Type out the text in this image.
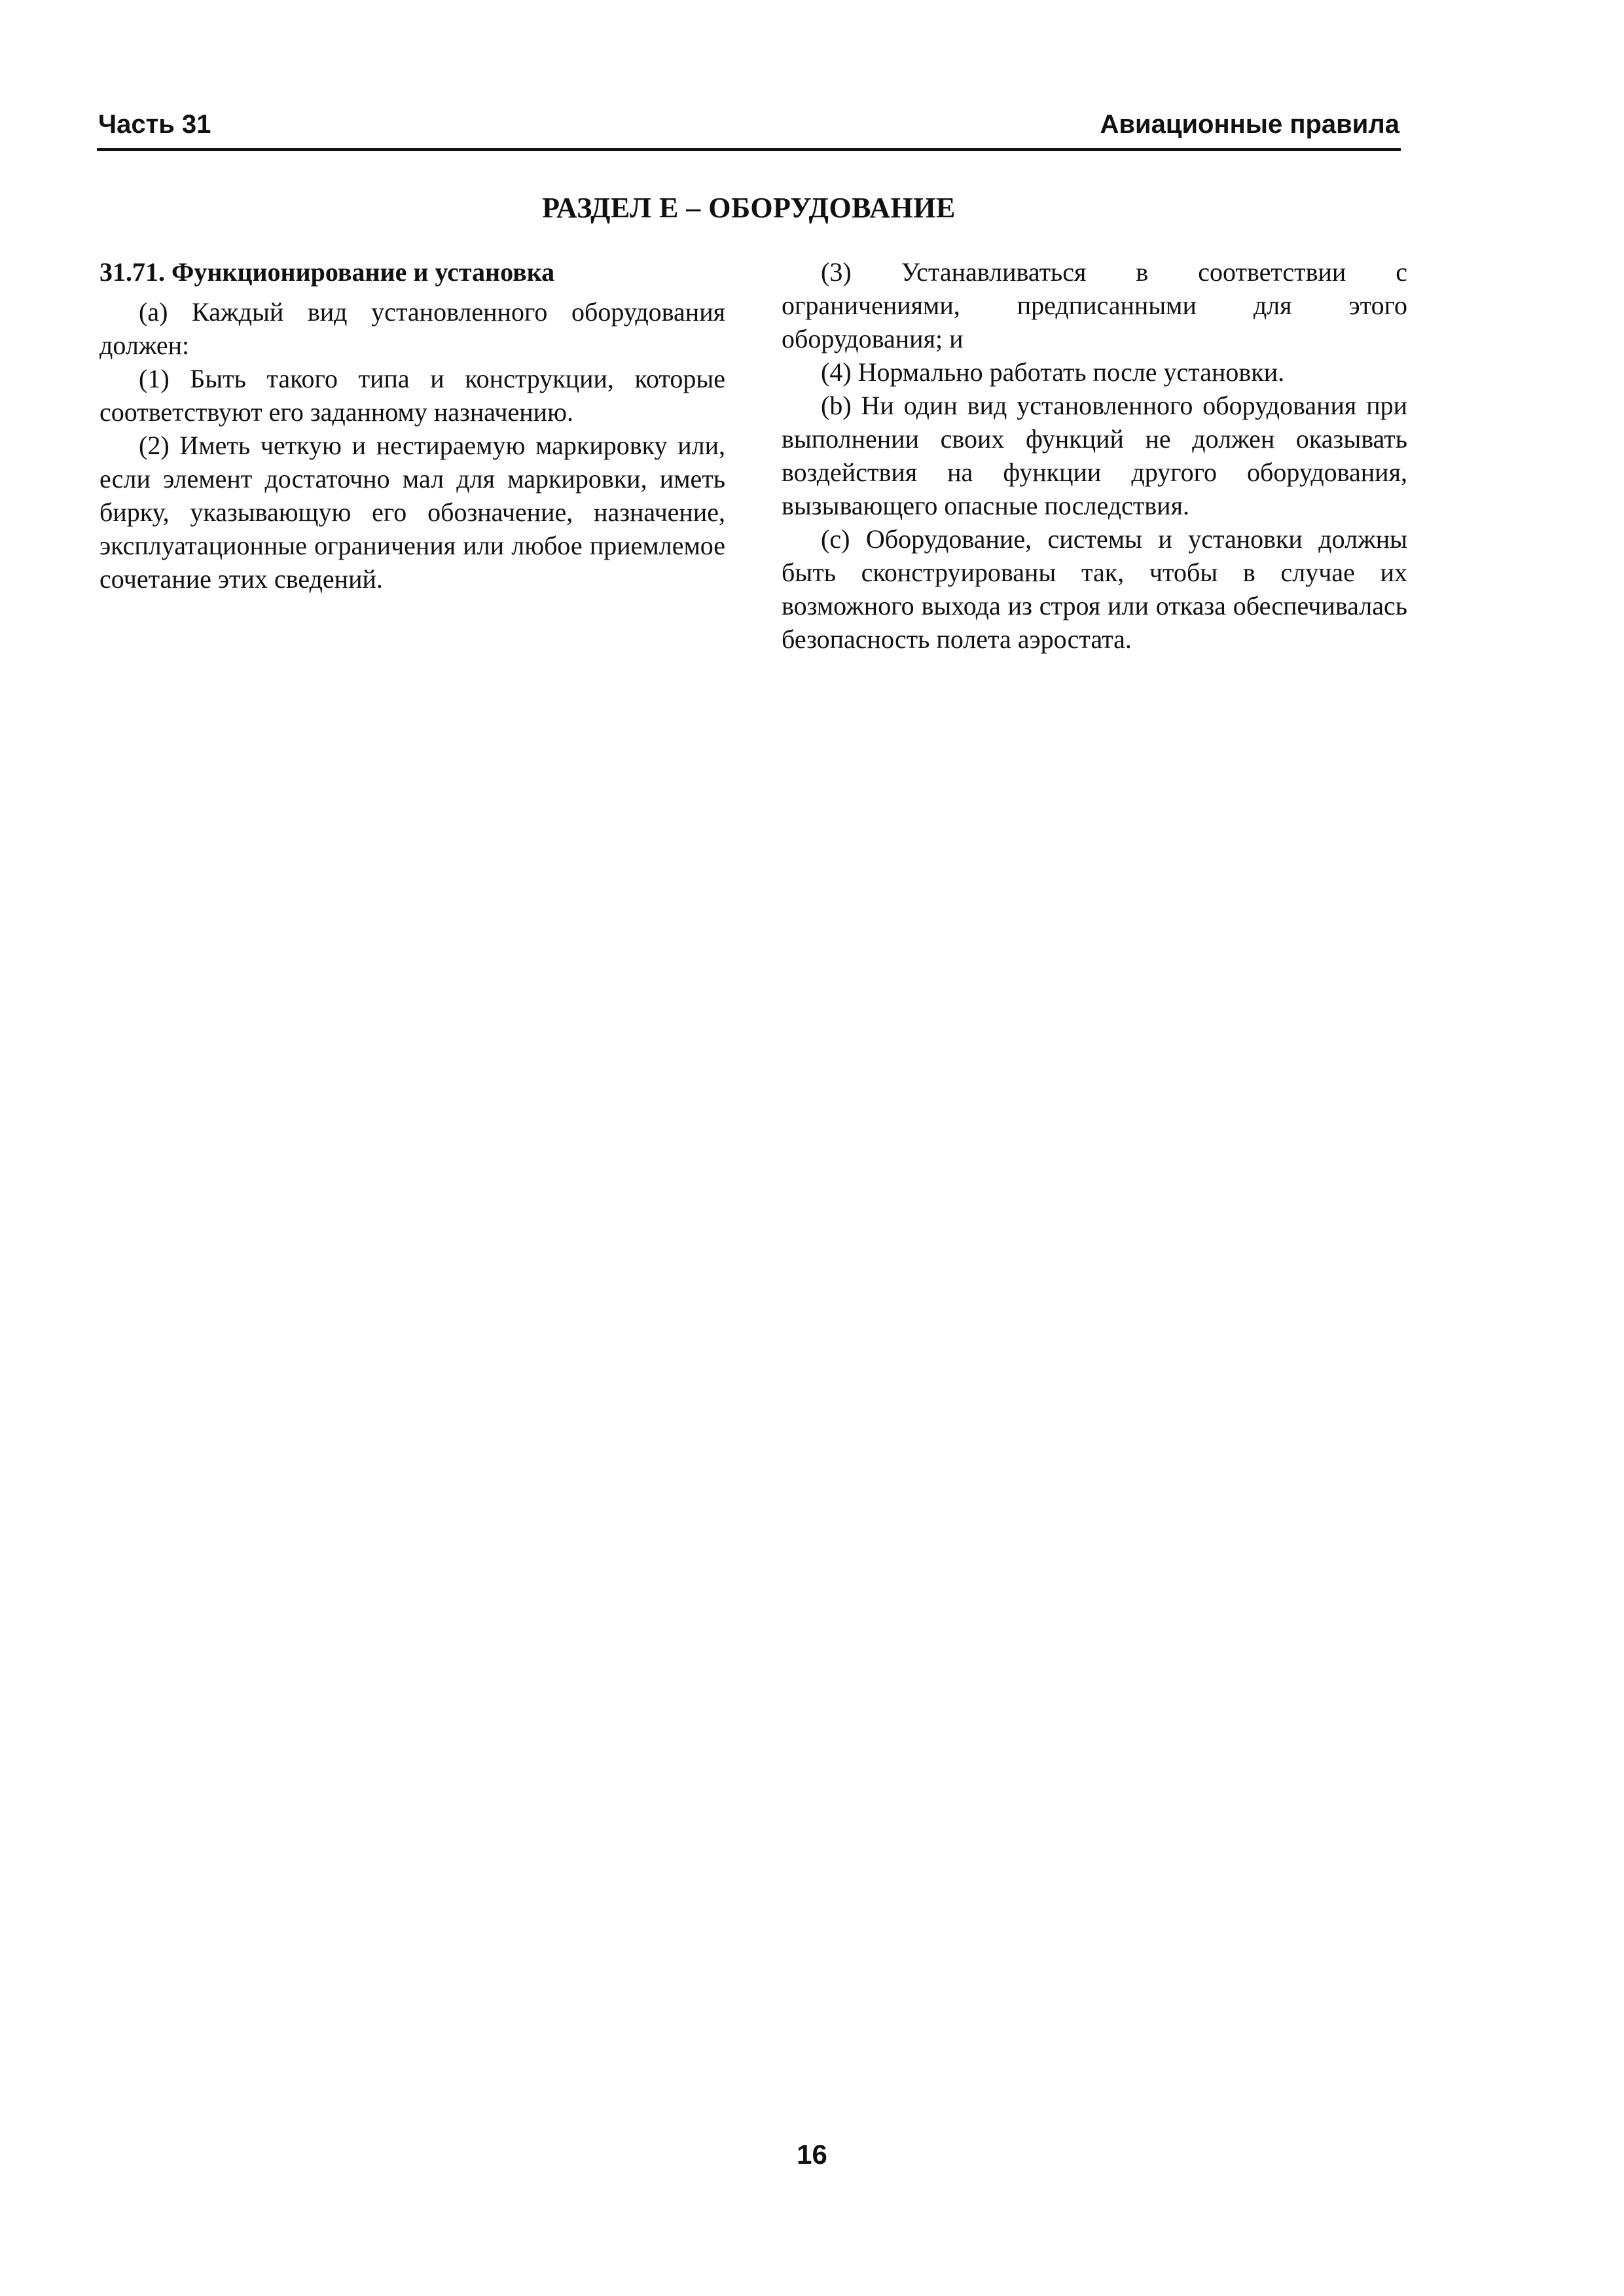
Часть 31	Авиационные правила
РАЗДЕЛ Е – ОБОРУДОВАНИЕ

31.71. Функционирование и установка

(а) Каждый вид установленного оборудования должен:

(1) Быть такого типа и конструкции, которые соответствуют его заданному назначению.

(2) Иметь четкую и нестираемую маркировку или, если элемент достаточно мал для маркировки, иметь бирку, указывающую его обозначение, назначение, эксплуатационные ограничения или любое приемлемое сочетание этих сведений.

(3) Устанавливаться в соответствии с ограничениями, предписанными для этого оборудования; и

(4) Нормально работать после установки.

(b) Ни один вид установленного оборудования при выполнении своих функций не должен оказывать воздействия на функции другого оборудования, вызывающего опасные последствия.

(с) Оборудование, системы и установки должны быть сконструированы так, чтобы в случае их возможного выхода из строя или отказа обеспечивалась безопасность полета аэростата.

16
